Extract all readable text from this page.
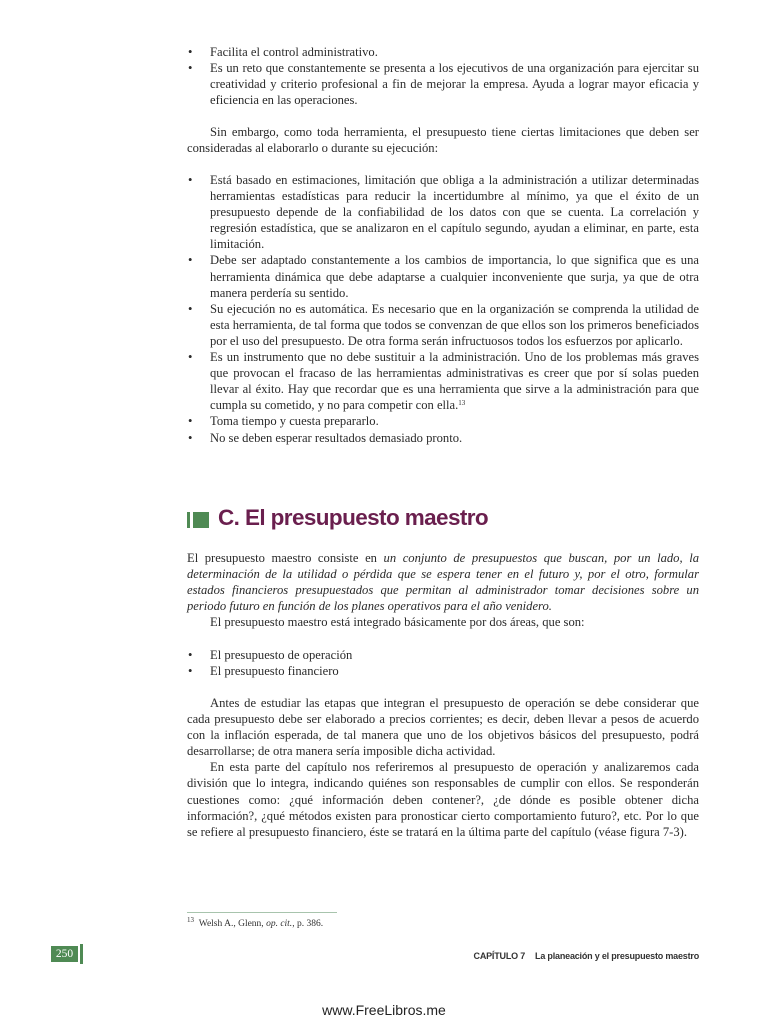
• Facilita el control administrativo.
• Es un reto que constantemente se presenta a los ejecutivos de una organización para ejercitar su creatividad y criterio profesional a fin de mejorar la empresa. Ayuda a lograr mayor eficacia y eficiencia en las operaciones.

Sin embargo, como toda herramienta, el presupuesto tiene ciertas limitaciones que deben ser consideradas al elaborarlo o durante su ejecución:

• Está basado en estimaciones, limitación que obliga a la administración a utilizar determinadas herramientas estadísticas para reducir la incertidumbre al mínimo, ya que el éxito de un presupuesto depende de la confiabilidad de los datos con que se cuenta. La correlación y regresión estadística, que se analizaron en el capítulo segundo, ayudan a eliminar, en parte, esta limitación.
• Debe ser adaptado constantemente a los cambios de importancia, lo que significa que es una herramienta dinámica que debe adaptarse a cualquier inconveniente que surja, ya que de otra manera perdería su sentido.
• Su ejecución no es automática. Es necesario que en la organización se comprenda la utilidad de esta herramienta, de tal forma que todos se convenzan de que ellos son los primeros beneficiados por el uso del presupuesto. De otra forma serán infructuosos todos los esfuerzos por aplicarlo.
• Es un instrumento que no debe sustituir a la administración. Uno de los problemas más graves que provocan el fracaso de las herramientas administrativas es creer que por sí solas pueden llevar al éxito. Hay que recordar que es una herramienta que sirve a la administración para que cumpla su cometido, y no para competir con ella.$^{13}$
• Toma tiempo y cuesta prepararlo.
• No se deben esperar resultados demasiado pronto.
C. El presupuesto maestro

El presupuesto maestro consiste en un conjunto de presupuestos que buscan, por un lado, la determinación de la utilidad o pérdida que se espera tener en el futuro y, por el otro, formular estados financieros presupuestados que permitan al administrador tomar decisiones sobre un periodo futuro en función de los planes operativos para el año venidero.

El presupuesto maestro está integrado básicamente por dos áreas, que son:

• El presupuesto de operación
• El presupuesto financiero

Antes de estudiar las etapas que integran el presupuesto de operación se debe considerar que cada presupuesto debe ser elaborado a precios corrientes; es decir, deben llevar a pesos de acuerdo con la inflación esperada, de tal manera que uno de los objetivos básicos del presupuesto, podrá desarrollarse; de otra manera sería imposible dicha actividad.

En esta parte del capítulo nos referiremos al presupuesto de operación y analizaremos cada división que lo integra, indicando quiénes son responsables de cumplir con ellos. Se responderán cuestiones como: ¿qué información deben contener?, ¿de dónde es posible obtener dicha información?, ¿qué métodos existen para pronosticar cierto comportamiento futuro?, etc. Por lo que se refiere al presupuesto financiero, éste se tratará en la última parte del capítulo (véase figura 7-3).

$^{13}$ Welsh A., Glenn, op. cit., p. 386.
250	CAPÍTULO 7 La planeación y el presupuesto maestro
www.FreeLibros.me
